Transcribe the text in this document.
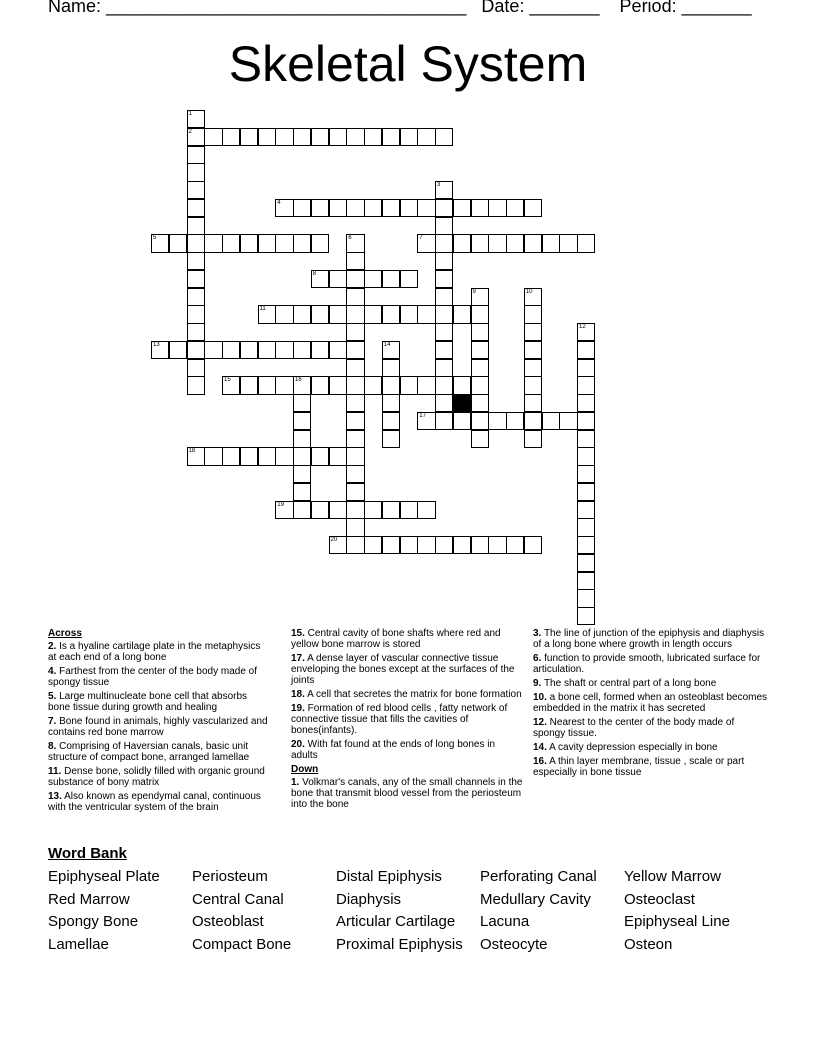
Name: ____________________________________ Date: _______ Period: _______
Skeletal System
1
2
3
4
5	6	7
8
9	10
11
12
13	14
15	16
17
18
19
20
Across
2. Is a hyaline cartilage plate in the metaphysics at each end of a long bone
4. Farthest from the center of the body made of spongy tissue
5. Large multinucleate bone cell that absorbs bone tissue during growth and healing
7. Bone found in animals, highly vascularized and contains red bone marrow
8. Comprising of Haversian canals, basic unit structure of compact bone, arranged lamellae
11. Dense bone, solidly filled with organic ground substance of bony matrix
13. Also known as ependymal canal, continuous with the ventricular system of the brain
15. Central cavity of bone shafts where red and yellow bone marrow is stored
17. A dense layer of vascular connective tissue enveloping the bones except at the surfaces of the joints
18. A cell that secretes the matrix for bone formation
19. Formation of red blood cells , fatty network of connective tissue that fills the cavities of bones(infants).
20. With fat found at the ends of long bones in adults
Down
1. Volkmar's canals, any of the small channels in the bone that transmit blood vessel from the periosteum into the bone
3. The line of junction of the epiphysis and diaphysis of a long bone where growth in length occurs
6. function to provide smooth, lubricated surface for articulation.
9. The shaft or central part of a long bone
10. a bone cell, formed when an osteoblast becomes embedded in the matrix it has secreted
12. Nearest to the center of the body made of spongy tissue.
14. A cavity depression especially in bone
16. A thin layer membrane, tissue , scale or part especially in bone tissue
Word Bank
Epiphyseal Plate	Periosteum	Distal Epiphysis	Perforating Canal	Yellow Marrow
Red Marrow	Central Canal	Diaphysis	Medullary Cavity	Osteoclast
Spongy Bone	Osteoblast	Articular Cartilage	Lacuna	Epiphyseal Line
Lamellae	Compact Bone	Proximal Epiphysis	Osteocyte	Osteon
